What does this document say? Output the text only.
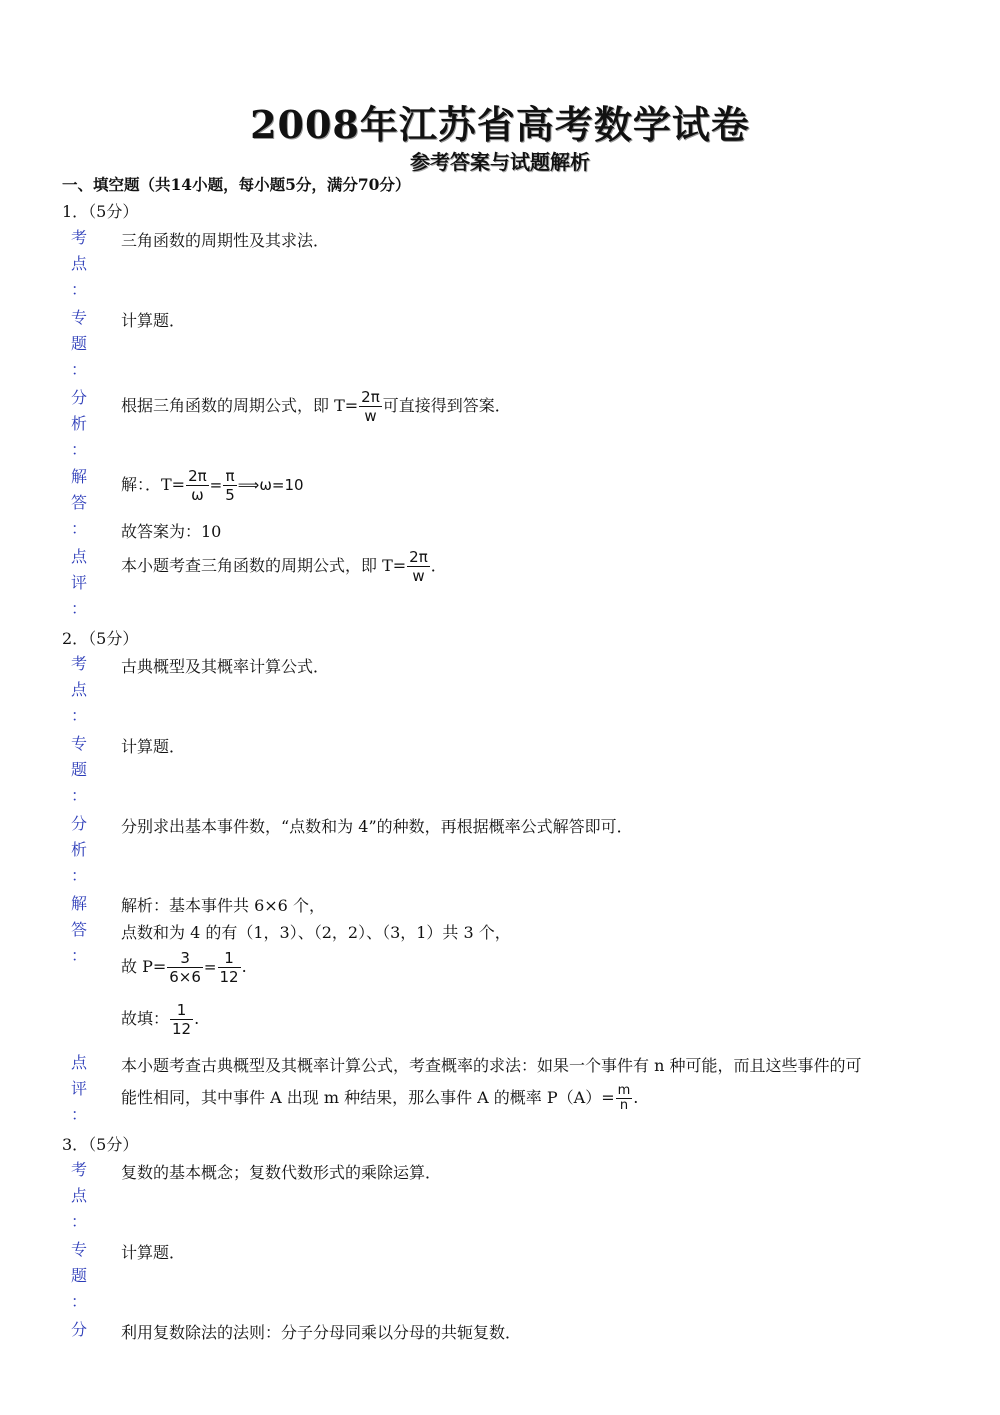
2008年江苏省高考数学试卷
参考答案与试题解析
一、填空题（共14小题，每小题5分，满分70分）
1．（5分）
考
点
：
三角函数的周期性及其求法．
专
题
：
计算题．
分
析
：
根据三角函数的周期公式，即 $T= \frac{2\pi}{w}$ 可直接得到答案．
解
答
：
解：．$T= \frac{2\pi}{\omega} = \frac{\pi}{5}$ ⟹ω=10
故答案为：10
点
评
：
本小题考查三角函数的周期公式，即 $T= \frac{2\pi}{w}$ ．
2．（5分）
考
点
：
古典概型及其概率计算公式．
专
题
：
计算题．
分
析
：
分别求出基本事件数，“点数和为 4”的种数，再根据概率公式解答即可．
解
答
：
解析：基本事件共 6×6 个，
点数和为 4 的有（1，3）、（2，2）、（3，1）共 3 个，
故 $P= \frac{3}{6\times 6} = \frac{1}{12}$ .
故填： $\frac{1}{12}$ .
点
评
：
本小题考查古典概型及其概率计算公式，考查概率的求法：如果一个事件有 n 种可能，而且这些事件的可
能性相同，其中事件 A 出现 m 种结果，那么事件 A 的概率 $P(A)= \frac{m}{n}$ .
3．（5分）
考
点
：
复数的基本概念；复数代数形式的乘除运算．
专
题
：
计算题．
分 利用复数除法的法则：分子分母同乘以分母的共轭复数．
